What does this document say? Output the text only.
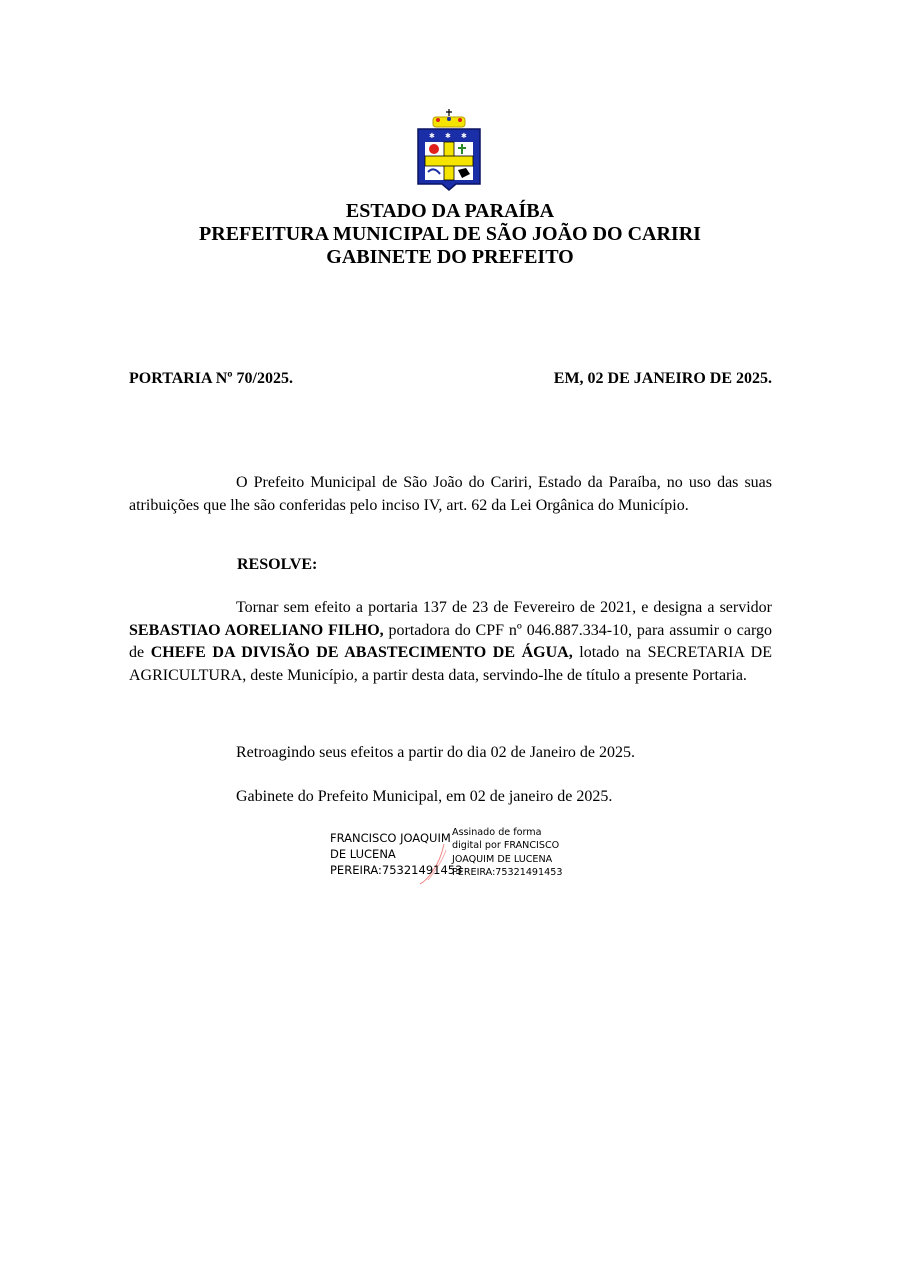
✱ ✱ ✱
ESTADO DA PARAÍBA
PREFEITURA MUNICIPAL DE SÃO JOÃO DO CARIRI
GABINETE DO PREFEITO
PORTARIA Nº 70/2025.	EM, 02 DE JANEIRO DE 2025.
O Prefeito Municipal de São João do Cariri, Estado da Paraíba, no uso das suas atribuições que lhe são conferidas pelo inciso IV, art. 62 da Lei Orgânica do Município.
RESOLVE:
Tornar sem efeito a portaria 137 de 23 de Fevereiro de 2021, e designa a servidor SEBASTIAO AORELIANO FILHO, portadora do CPF nº 046.887.334-10, para assumir o cargo de CHEFE DA DIVISÃO DE ABASTECIMENTO DE ÁGUA, lotado na SECRETARIA DE AGRICULTURA, deste Município, a partir desta data, servindo-lhe de título a presente Portaria.
Retroagindo seus efeitos a partir do dia 02 de Janeiro de 2025.
Gabinete do Prefeito Municipal, em 02 de janeiro de 2025.
FRANCISCO JOAQUIM
DE LUCENA
PEREIRA:75321491453
Assinado de forma
digital por FRANCISCO
JOAQUIM DE LUCENA
PEREIRA:75321491453
